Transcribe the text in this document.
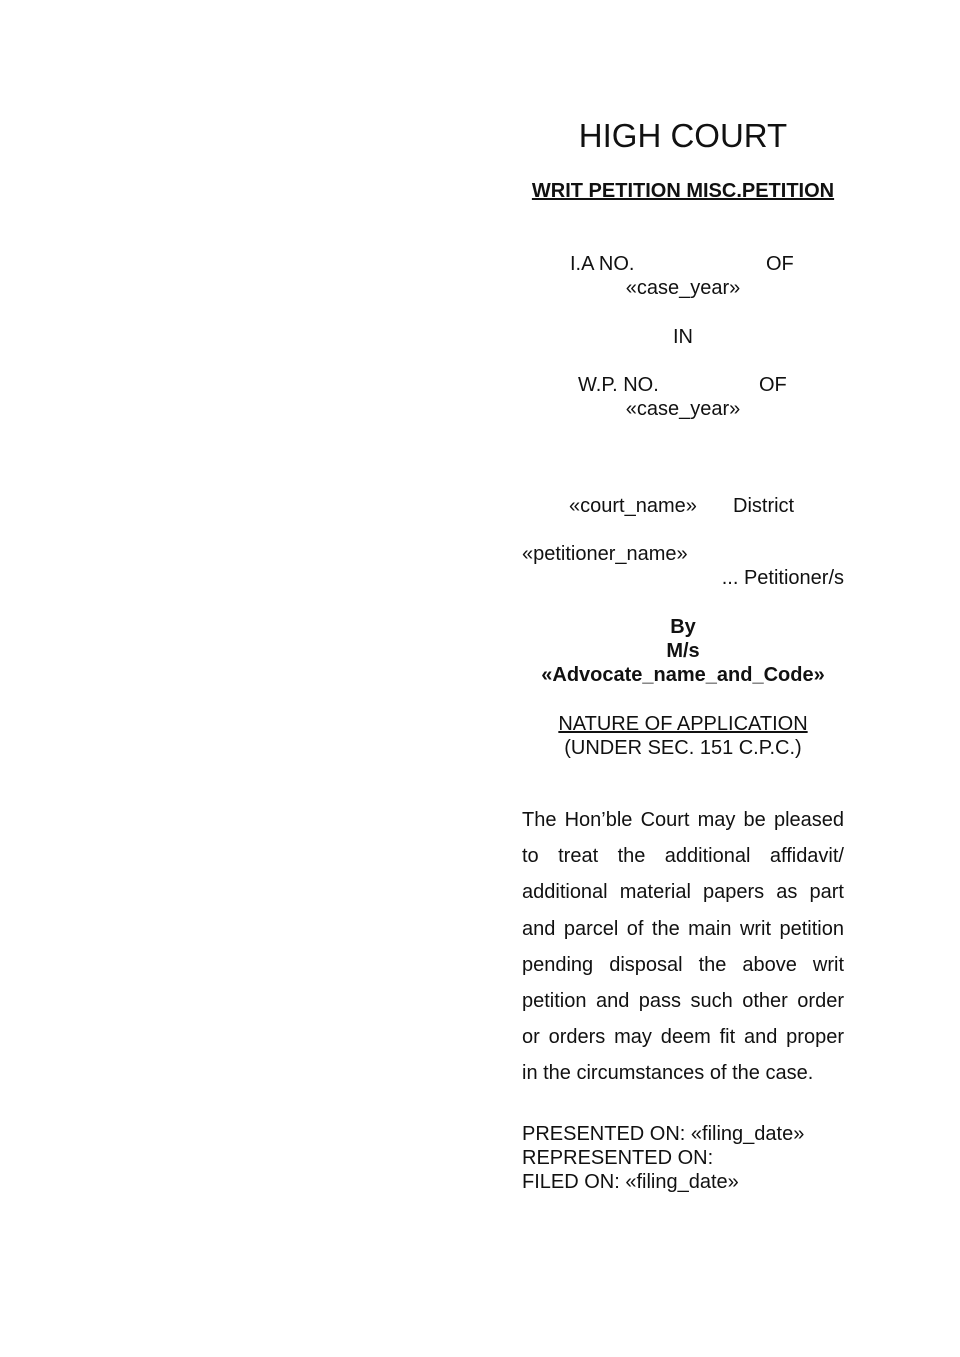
HIGH COURT
WRIT PETITION MISC.PETITION
I.A NO.	OF
«case_year»
IN
W.P. NO.	OF
«case_year»
«court_name» District
«petitioner_name»
... Petitioner/s
By
M/s
«Advocate_name_and_Code»
NATURE OF APPLICATION
(UNDER SEC. 151 C.P.C.)
The Hon’ble Court may be pleased to treat the additional affidavit/ additional material papers as part and parcel of the main writ petition pending disposal the above writ petition and pass such other order or orders may deem fit and proper in the circumstances of the case.
PRESENTED ON: «filing_date»
REPRESENTED ON:
FILED ON: «filing_date»
